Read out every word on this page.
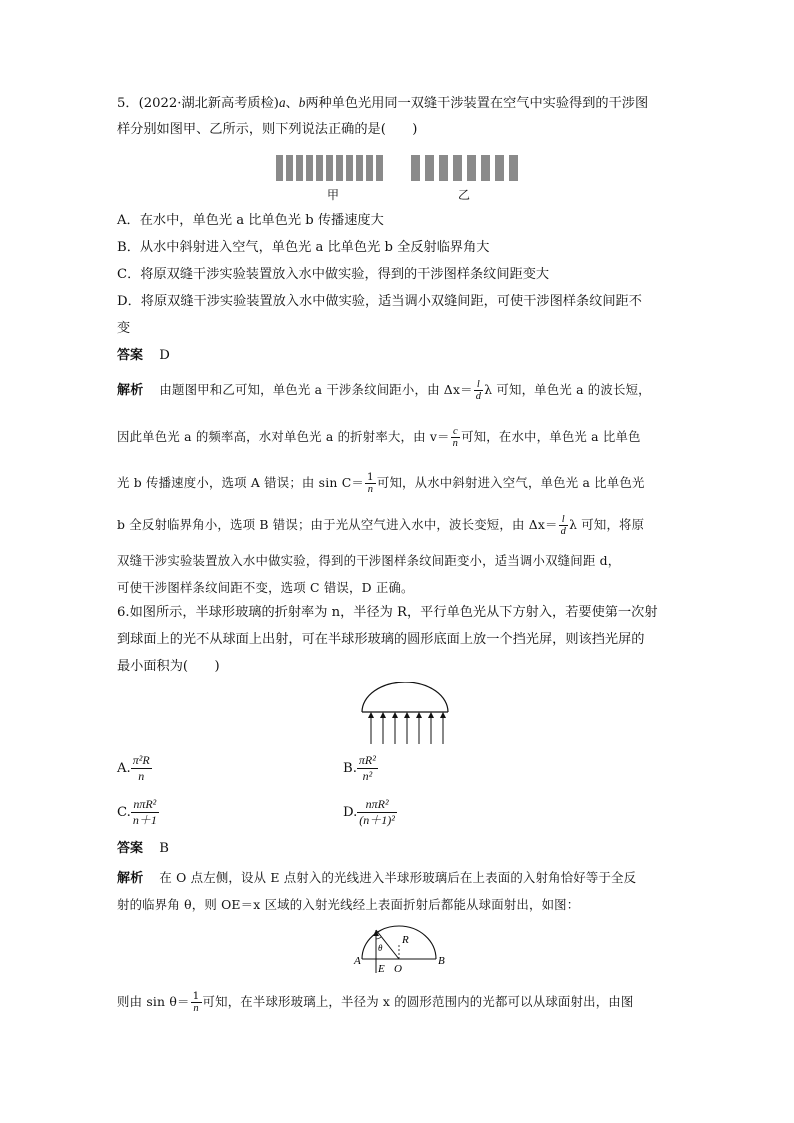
5．(2022·湖北新高考质检)a、b两种单色光用同一双缝干涉装置在空气中实验得到的干涉图
样分别如图甲、乙所示，则下列说法正确的是(　　)
甲	乙
A．在水中，单色光 a 比单色光 b 传播速度大
B．从水中斜射进入空气，单色光 a 比单色光 b 全反射临界角大
C．将原双缝干涉实验装置放入水中做实验，得到的干涉图样条纹间距变大
D．将原双缝干涉实验装置放入水中做实验，适当调小双缝间距，可使干涉图样条纹间距不
变
答案 D
解析 由题图甲和乙可知，单色光 a 干涉条纹间距小，由 $\Delta x= \frac{l}{d}$ λ 可知，单色光 a 的波长短，
因此单色光 a 的频率高，水对单色光 a 的折射率大，由 $v= \frac{c}{n}$ 可知，在水中，单色光 a 比单色
光 b 传播速度小，选项 A 错误；由 $\sin C= \frac{1}{n}$ 可知，从水中斜射进入空气，单色光 a 比单色光
b 全反射临界角小，选项 B 错误；由于光从空气进入水中，波长变短，由 $\Delta x= \frac{l}{d}$ λ 可知，将原
双缝干涉实验装置放入水中做实验，得到的干涉图样条纹间距变小，适当调小双缝间距 d，
可使干涉图样条纹间距不变，选项 C 错误，D 正确。
6.如图所示，半球形玻璃的折射率为 n，半径为 R，平行单色光从下方射入，若要使第一次射
到球面上的光不从球面上出射，可在半球形玻璃的圆形底面上放一个挡光屏，则该挡光屏的
最小面积为(　　)
A. $\frac{\text{π²R}}{n}$	B. $\frac{\text{πR²}}{\text{n²}}$
C.
nπR²
n＋1	D.
nπR²
(n＋1)²
答案 B
解析 在 O 点左侧，设从 E 点射入的光线进入半球形玻璃后在上表面的入射角恰好等于全反
射的临界角 θ，则 OE＝x 区域的入射光线经上表面折射后都能从球面射出，如图：
A	B
E O
R
θ
则由 $\sin \theta= \frac{1}{n}$ 可知，在半球形玻璃上，半径为 x 的圆形范围内的光都可以从球面射出，由图
